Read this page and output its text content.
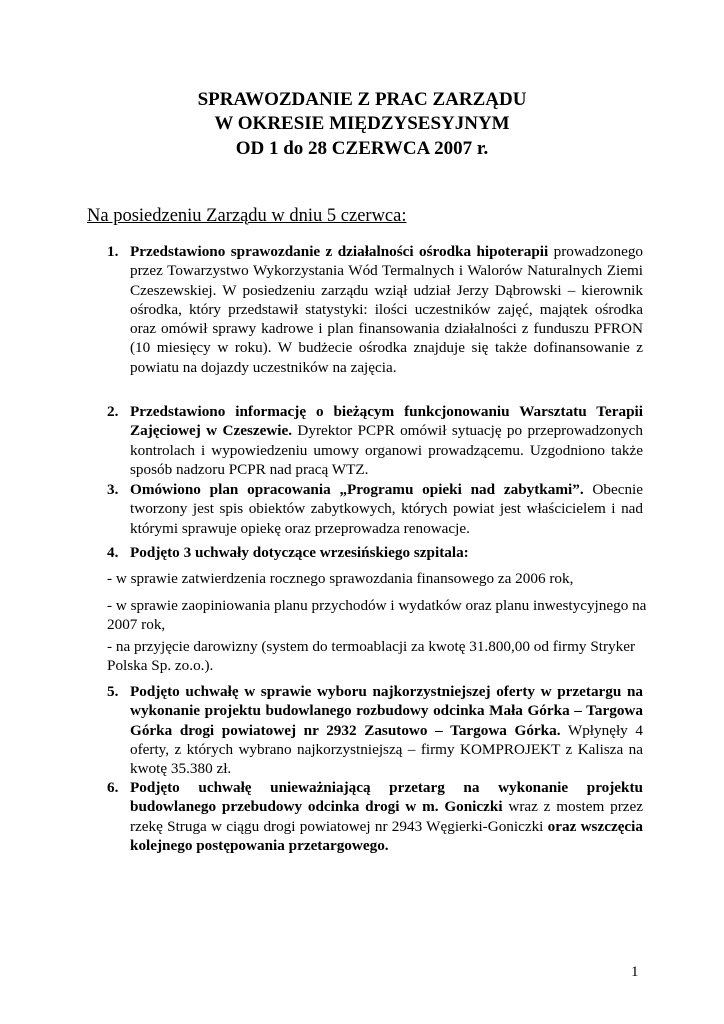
SPRAWOZDANIE Z PRAC ZARZĄDU
W OKRESIE MIĘDZYSESYJNYM
OD 1 do 28 CZERWCA 2007 r.
Na posiedzeniu Zarządu w dniu 5 czerwca:
1. Przedstawiono sprawozdanie z działalności ośrodka hipoterapii prowadzonego przez Towarzystwo Wykorzystania Wód Termalnych i Walorów Naturalnych Ziemi Czeszewskiej. W posiedzeniu zarządu wziął udział Jerzy Dąbrowski – kierownik ośrodka, który przedstawił statystyki: ilości uczestników zajęć, majątek ośrodka oraz omówił sprawy kadrowe i plan finansowania działalności z funduszu PFRON (10 miesięcy w roku). W budżecie ośrodka znajduje się także dofinansowanie z powiatu na dojazdy uczestników na zajęcia.
2. Przedstawiono informację o bieżącym funkcjonowaniu Warsztatu Terapii Zajęciowej w Czeszewie. Dyrektor PCPR omówił sytuację po przeprowadzonych kontrolach i wypowiedzeniu umowy organowi prowadzącemu. Uzgodniono także sposób nadzoru PCPR nad pracą WTZ.
3. Omówiono plan opracowania „Programu opieki nad zabytkami”. Obecnie tworzony jest spis obiektów zabytkowych, których powiat jest właścicielem i nad którymi sprawuje opiekę oraz przeprowadza renowacje.
4. Podjęto 3 uchwały dotyczące wrzesińskiego szpitala:
- w sprawie zatwierdzenia rocznego sprawozdania finansowego za 2006 rok,
- w sprawie zaopiniowania planu przychodów i wydatków oraz planu inwestycyjnego na 2007 rok,
- na przyjęcie darowizny (system do termoablacji za kwotę 31.800,00 od firmy Stryker Polska Sp. zo.o.).
5. Podjęto uchwałę w sprawie wyboru najkorzystniejszej oferty w przetargu na wykonanie projektu budowlanego rozbudowy odcinka Mała Górka – Targowa Górka drogi powiatowej nr 2932 Zasutowo – Targowa Górka. Wpłynęły 4 oferty, z których wybrano najkorzystniejszą – firmy KOMPROJEKT z Kalisza na kwotę 35.380 zł.
6. Podjęto uchwałę unieważniającą przetarg na wykonanie projektu budowlanego przebudowy odcinka drogi w m. Goniczki wraz z mostem przez rzekę Struga w ciągu drogi powiatowej nr 2943 Węgierki-Goniczki oraz wszczęcia kolejnego postępowania przetargowego.
1
